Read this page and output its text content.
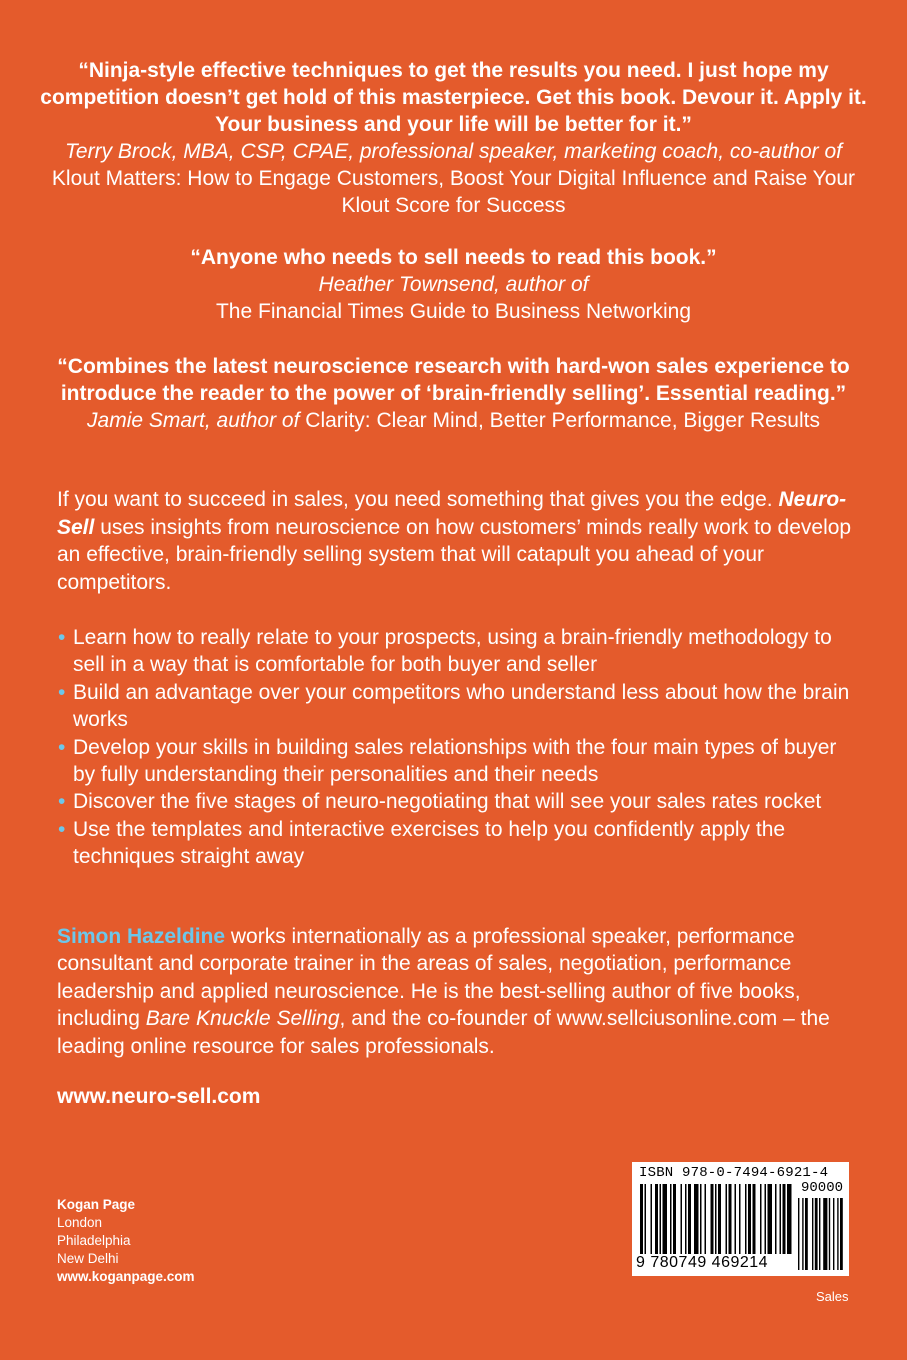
“Ninja-style effective techniques to get the results you need. I just hope my competition doesn’t get hold of this masterpiece. Get this book. Devour it. Apply it. Your business and your life will be better for it.”
Terry Brock, MBA, CSP, CPAE, professional speaker, marketing coach, co-author of Klout Matters: How to Engage Customers, Boost Your Digital Influence and Raise Your Klout Score for Success
“Anyone who needs to sell needs to read this book.”
Heather Townsend, author of
The Financial Times Guide to Business Networking
“Combines the latest neuroscience research with hard-won sales experience to introduce the reader to the power of ‘brain-friendly selling’. Essential reading.”
Jamie Smart, author of Clarity: Clear Mind, Better Performance, Bigger Results
If you want to succeed in sales, you need something that gives you the edge. Neuro-Sell uses insights from neuroscience on how customers’ minds really work to develop an effective, brain-friendly selling system that will catapult you ahead of your competitors.
• Learn how to really relate to your prospects, using a brain-friendly methodology to sell in a way that is comfortable for both buyer and seller
• Build an advantage over your competitors who understand less about how the brain works
• Develop your skills in building sales relationships with the four main types of buyer by fully understanding their personalities and their needs
• Discover the five stages of neuro-negotiating that will see your sales rates rocket
• Use the templates and interactive exercises to help you confidently apply the techniques straight away
Simon Hazeldine works internationally as a professional speaker, performance consultant and corporate trainer in the areas of sales, negotiation, performance leadership and applied neuroscience. He is the best-selling author of five books, including Bare Knuckle Selling, and the co-founder of www.sellciusonline.com – the leading online resource for sales professionals.
www.neuro-sell.com
Kogan Page
London
Philadelphia
New Delhi
www.koganpage.com
ISBN 978-0-7494-6921-4
90000
9 780749 469214
Sales
